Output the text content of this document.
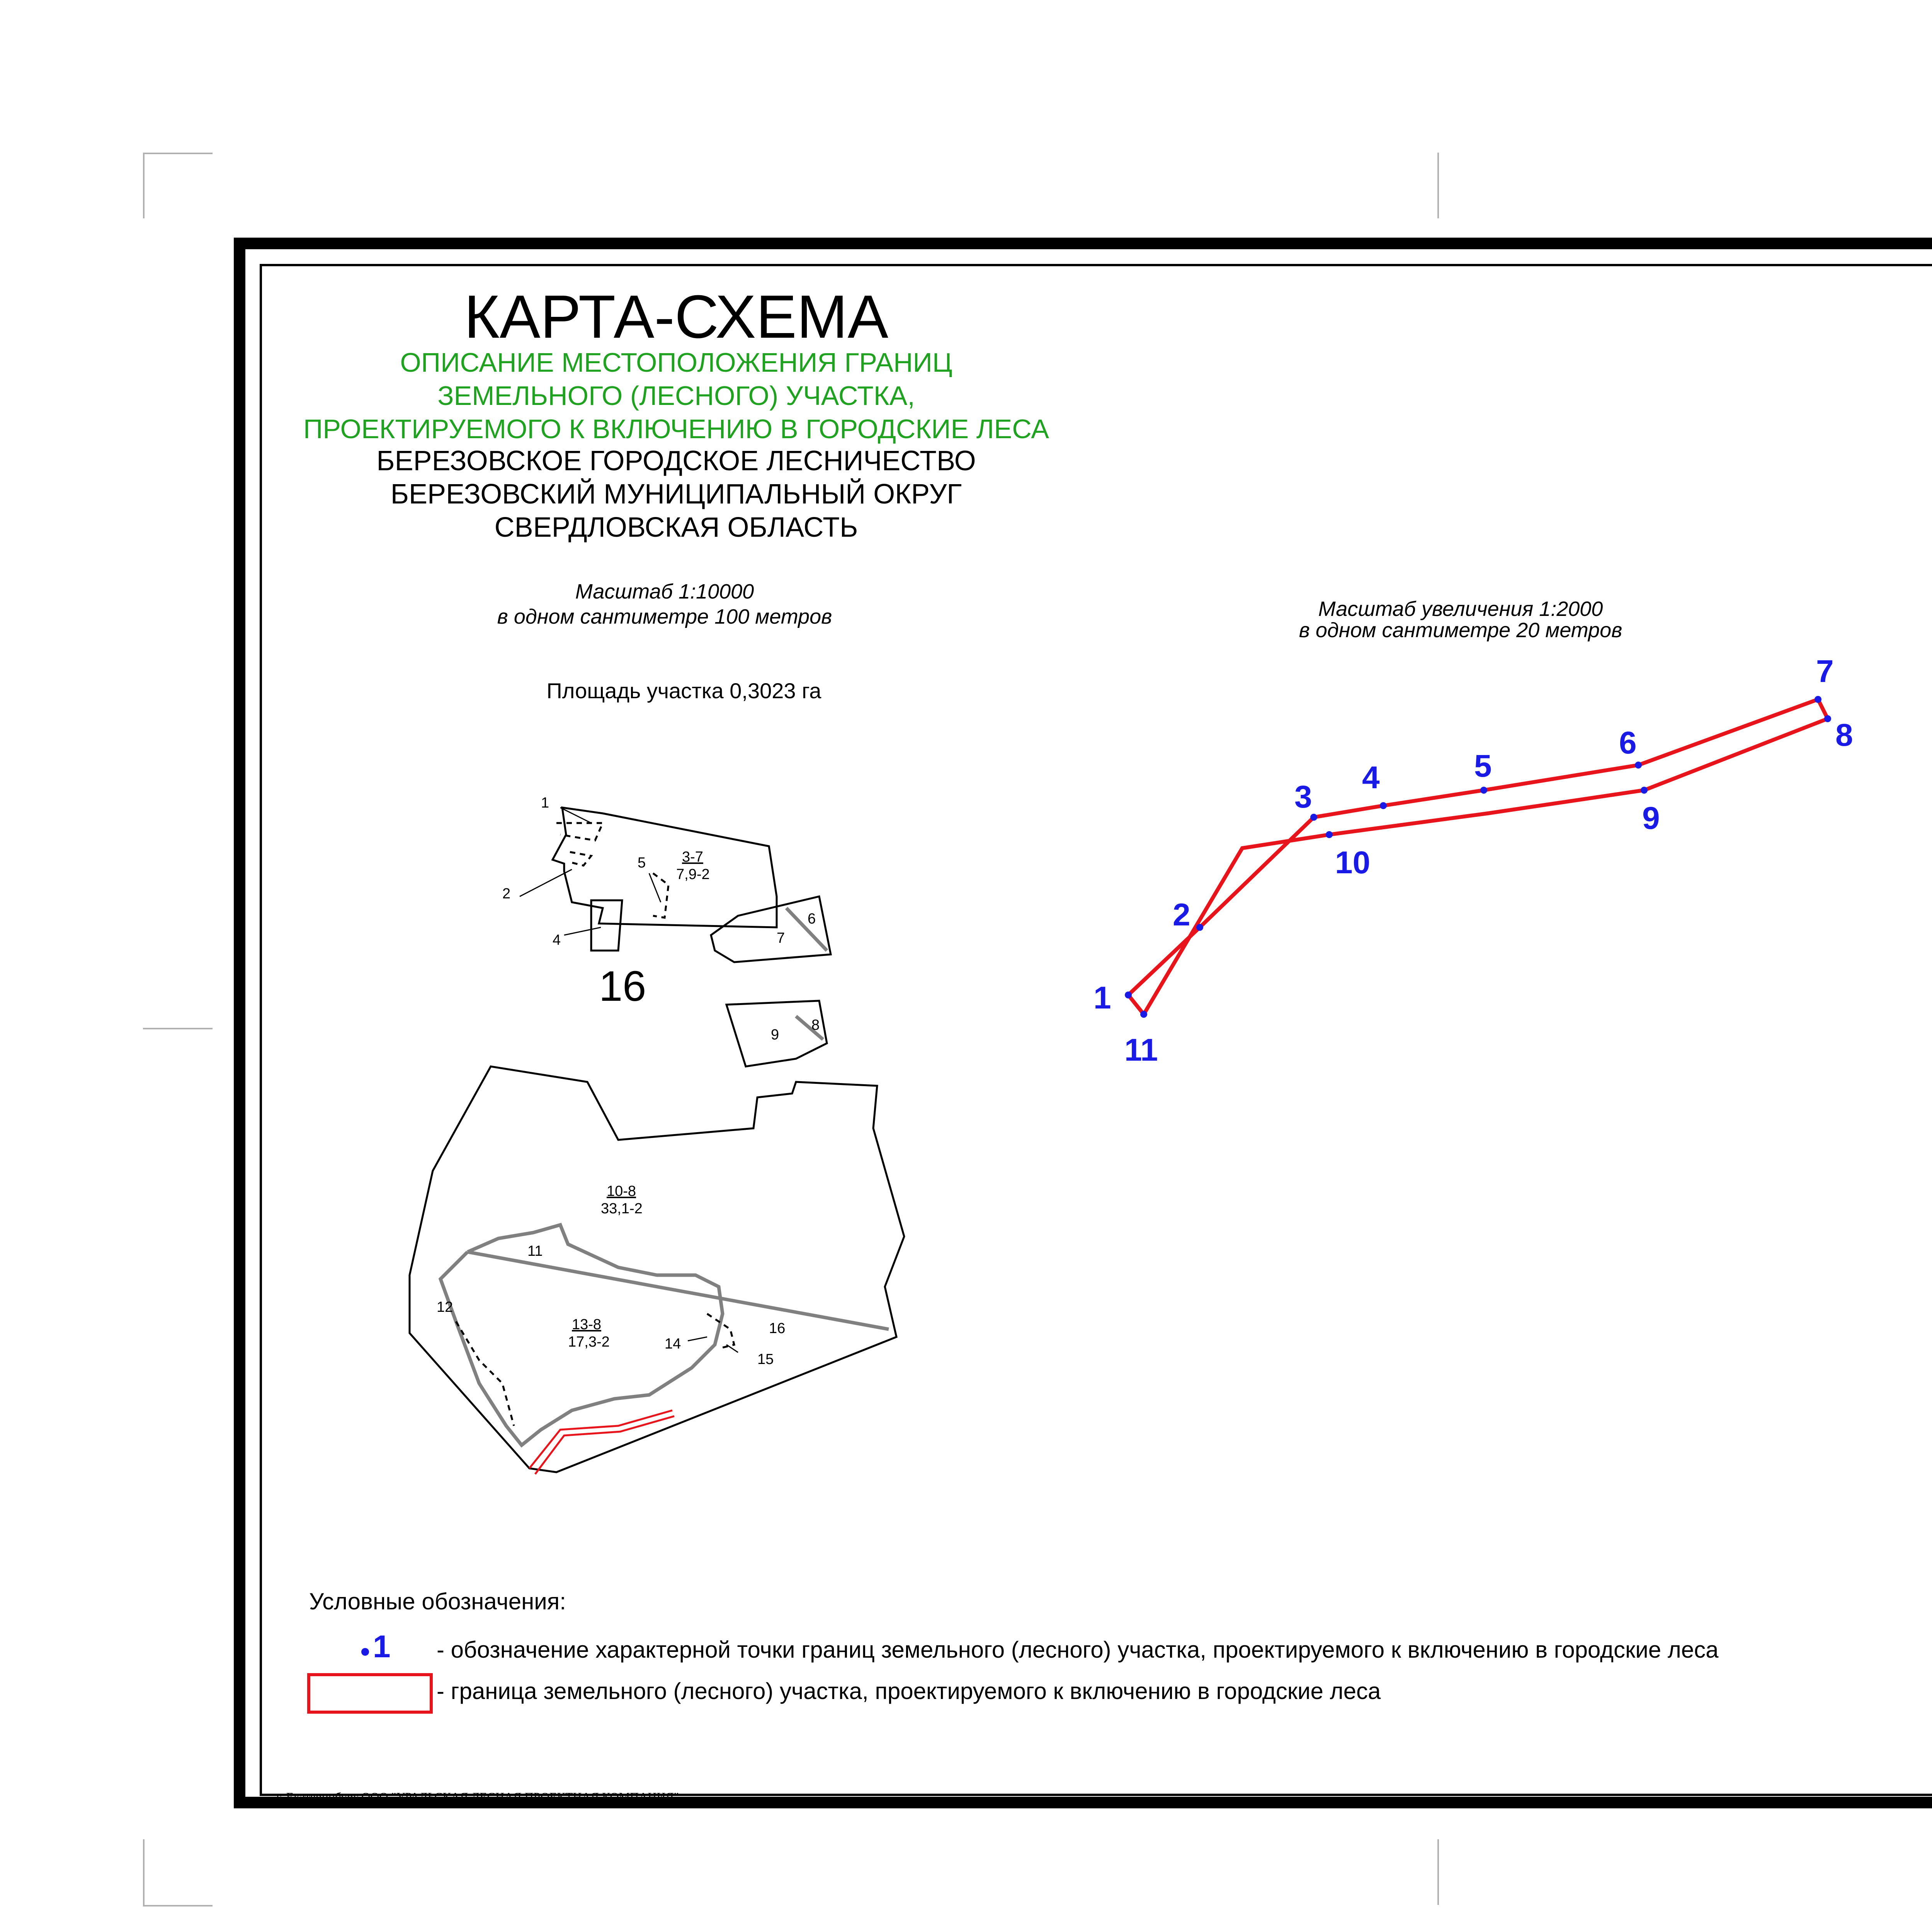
КАРТА-СХЕМА
ОПИСАНИЕ МЕСТОПОЛОЖЕНИЯ ГРАНИЦ
ЗЕМЕЛЬНОГО (ЛЕСНОГО) УЧАСТКА,
ПРОЕКТИРУЕМОГО К ВКЛЮЧЕНИЮ В ГОРОДСКИЕ ЛЕСА
БЕРЕЗОВСКОЕ ГОРОДСКОЕ ЛЕСНИЧЕСТВО
БЕРЕЗОВСКИЙ МУНИЦИПАЛЬНЫЙ ОКРУГ
СВЕРДЛОВСКАЯ ОБЛАСТЬ
Масштаб 1:10000
в одном сантиметре 100 метров
Площадь участка 0,3023 га
Масштаб увеличения 1:2000
в одном сантиметре 20 метров
1
2
4
5
6
7
8
9
11
12
14
15
16
3-7
7,9-2
10-8
33,1-2
13-8
17,3-2
16	1
2
3
4	5
6
7
8
9
10
11

Условные обозначения:
1 - обозначение характерной точки границ земельного (лесного) участка, проектируемого к включению в городские леса
- граница земельного (лесного) участка, проектируемого к включению в городские леса
г. Екатеринбург ООО "УРАЛЬСКАЯ ЛЕСНАЯ ПРОЕКТНАЯ КОМПАНИЯ"
